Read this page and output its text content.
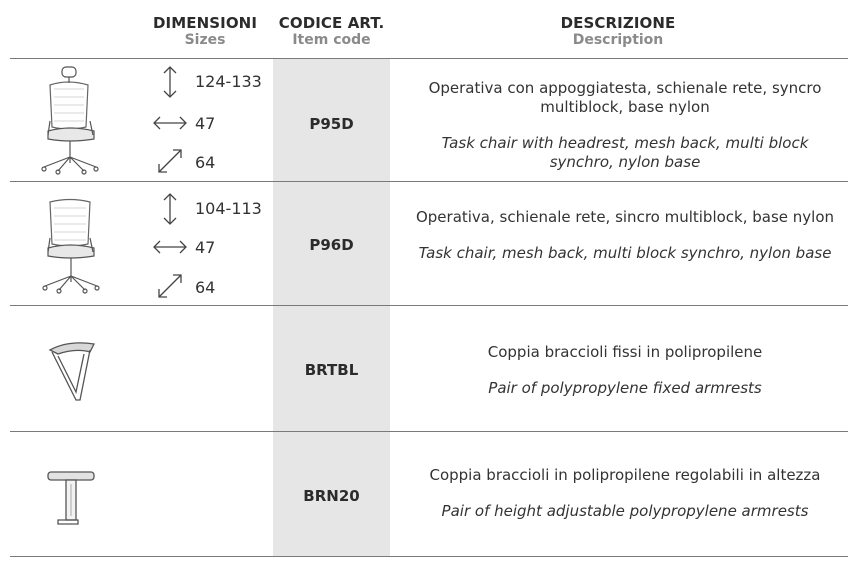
DIMENSIONI
Sizes
CODICE ART.
Item code
DESCRIZIONE
Description
124-133
47
64
P95D
Operativa con appoggiatesta, schienale rete, syncro multiblock, base nylon
Task chair with headrest, mesh back, multi block synchro, nylon base
104-113
47
64
P96D
Operativa, schienale rete, sincro multiblock, base nylon
Task chair, mesh back, multi block synchro, nylon base
BRTBL
Coppia braccioli fissi in polipropilene
Pair of polypropylene fixed armrests
BRN20
Coppia braccioli in polipropilene regolabili in altezza
Pair of height adjustable polypropylene armrests
